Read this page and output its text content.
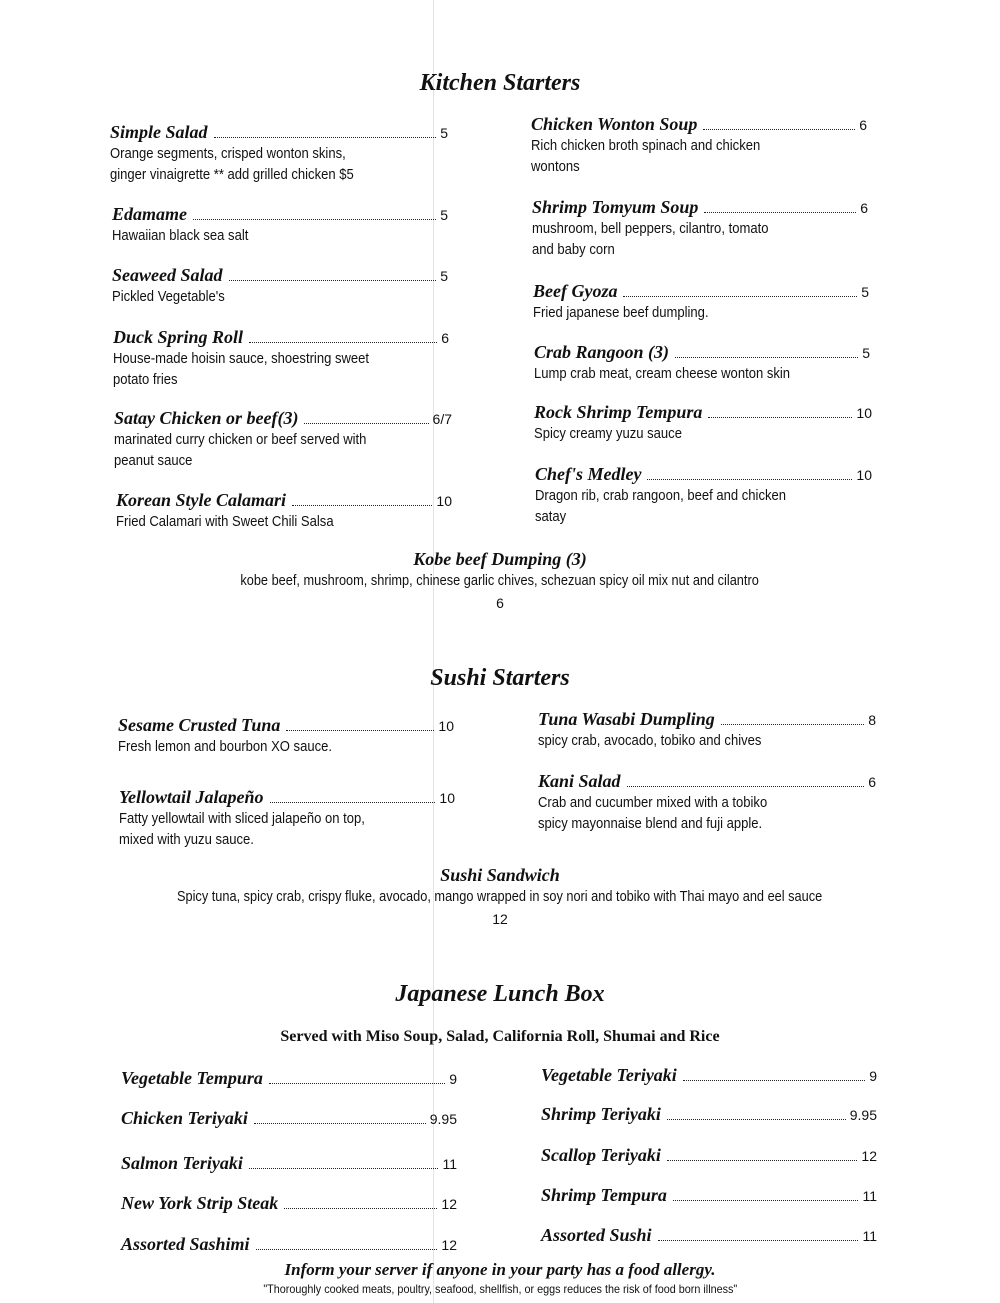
Kitchen Starters
Simple Salad	5
Orange segments, crisped wonton skins,
ginger vinaigrette ** add grilled chicken $5
Edamame	5
Hawaiian black sea salt
Seaweed Salad	5
Pickled Vegetable's
Duck Spring Roll	6
House-made hoisin sauce, shoestring sweet
potato fries
Satay Chicken or beef(3)	6/7
marinated curry chicken or beef served with
peanut sauce
Korean Style Calamari	10
Fried Calamari with Sweet Chili Salsa
Chicken Wonton Soup	6
Rich chicken broth spinach and chicken
wontons
Shrimp Tomyum Soup	6
mushroom, bell peppers, cilantro, tomato
and baby corn
Beef Gyoza	5
Fried japanese beef dumpling.
Crab Rangoon (3)	5
Lump crab meat, cream cheese wonton skin
Rock Shrimp Tempura	10
Spicy creamy yuzu sauce
Chef's Medley	10
Dragon rib, crab rangoon, beef and chicken
satay
Kobe beef Dumping (3)
kobe beef, mushroom, shrimp, chinese garlic chives, schezuan spicy oil mix nut and cilantro
6
Sushi Starters
Sesame Crusted Tuna	10
Fresh lemon and bourbon XO sauce.
Yellowtail Jalapeño	10
Fatty yellowtail with sliced jalapeño on top,
mixed with yuzu sauce.
Tuna Wasabi Dumpling	8
spicy crab, avocado, tobiko and chives
Kani Salad	6
Crab and cucumber mixed with a tobiko
spicy mayonnaise blend and fuji apple.
Sushi Sandwich
Spicy tuna, spicy crab, crispy fluke, avocado, mango wrapped in soy nori and tobiko with Thai mayo and eel sauce
12
Japanese Lunch Box
Served with Miso Soup, Salad, California Roll, Shumai and Rice
Vegetable Tempura	9
Chicken Teriyaki	9.95
Salmon Teriyaki	11
New York Strip Steak	12
Assorted Sashimi	12
Vegetable Teriyaki	9
Shrimp Teriyaki	9.95
Scallop Teriyaki	12
Shrimp Tempura	11
Assorted Sushi	11
Inform your server if anyone in your party has a food allergy.
"Thoroughly cooked meats, poultry, seafood, shellfish, or eggs reduces the risk of food born illness"
